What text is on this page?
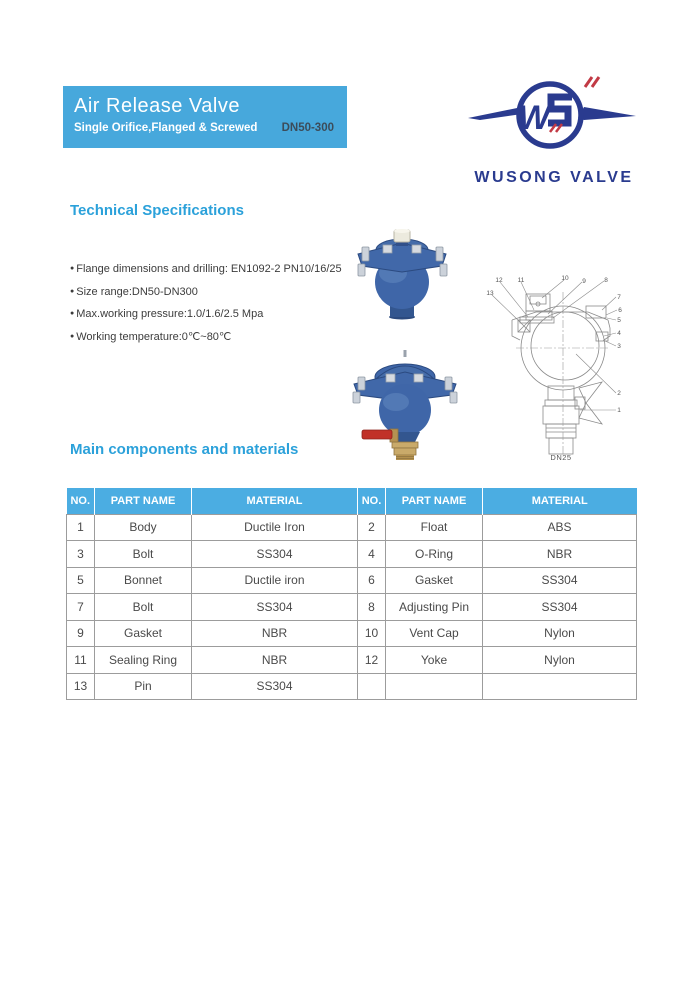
Air Release Valve
Single Orifice,Flanged & Screwed DN50-300	W
WUSONG VALVE
Technical Specifications
● Flange dimensions and drilling: EN1092-2 PN10/16/25
● Size range:DN50-DN300
● Max.working pressure:1.0/1.6/2.5 Mpa
● Working temperature:0℃~80℃
1
2
3
4
5
6
7
8
9
10
11
12
13
DN25
Main components and materials
NO.	PART NAME	MATERIAL	NO.	PART NAME	MATERIAL
1	Body	Ductile Iron	2	Float	ABS
3	Bolt	SS304	4	O-Ring	NBR
5	Bonnet	Ductile iron	6	Gasket	SS304
7	Bolt	SS304	8	Adjusting Pin	SS304
9	Gasket	NBR	10	Vent Cap	Nylon
11	Sealing Ring	NBR	12	Yoke	Nylon
13	Pin	SS304			
